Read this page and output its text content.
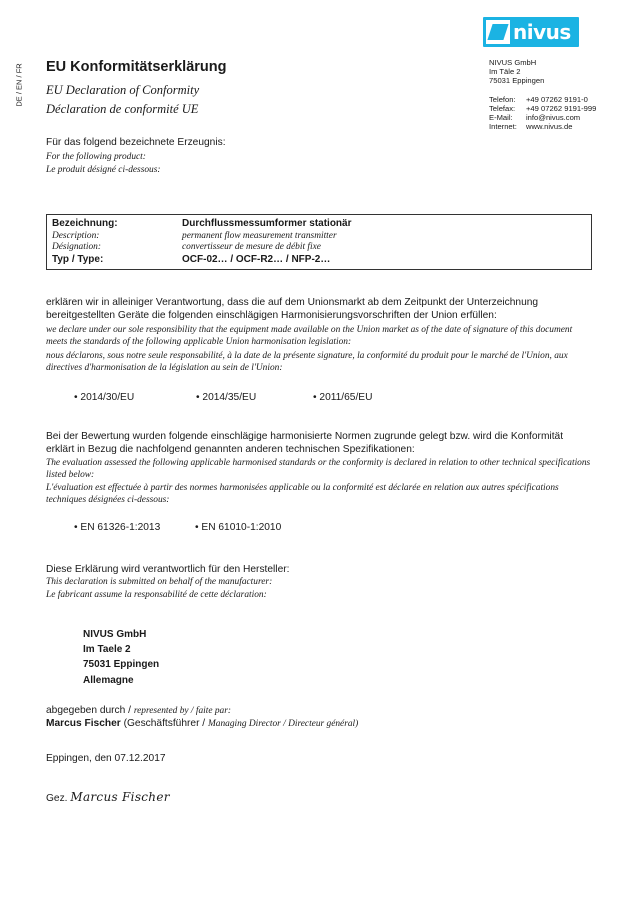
DE / EN / FR
nivus
EU Konformitätserklärung
EU Declaration of Conformity
Déclaration de conformité UE
NIVUS GmbH
Im Täle 2
75031 Eppingen
Telefon:	+49 07262 9191-0
Telefax:	+49 07262 9191-999
E-Mail:	info@nivus.com
Internet:	www.nivus.de
Für das folgend bezeichnete Erzeugnis:
For the following product:
Le produit désigné ci-dessous:
Bezeichnung:	Durchflussmessumformer stationär
Description:	permanent flow measurement transmitter
Désignation:	convertisseur de mesure de débit fixe
Typ / Type:	OCF-02… / OCF-R2… / NFP-2…
erklären wir in alleiniger Verantwortung, dass die auf dem Unionsmarkt ab dem Zeitpunkt der Unterzeichnung bereitgestellten Geräte die folgenden einschlägigen Harmonisierungsvorschriften der Union erfüllen:
we declare under our sole responsibility that the equipment made available on the Union market as of the date of signature of this document meets the standards of the following applicable Union harmonisation legislation:
nous déclarons, sous notre seule responsabilité, à la date de la présente signature, la conformité du produit pour le marché de l'Union, aux directives d'harmonisation de la législation au sein de l'Union:
• 2014/30/EU	• 2014/35/EU	• 2011/65/EU
Bei der Bewertung wurden folgende einschlägige harmonisierte Normen zugrunde gelegt bzw. wird die Konformität erklärt in Bezug die nachfolgend genannten anderen technischen Spezifikationen:
The evaluation assessed the following applicable harmonised standards or the conformity is declared in relation to other technical specifications listed below:
L'évaluation est effectuée à partir des normes harmonisées applicable ou la conformité est déclarée en relation aux autres spécifications techniques désignées ci-dessous:
• EN 61326-1:2013	• EN 61010-1:2010
Diese Erklärung wird verantwortlich für den Hersteller:
This declaration is submitted on behalf of the manufacturer:
Le fabricant assume la responsabilité de cette déclaration:
NIVUS GmbH
Im Taele 2
75031 Eppingen
Allemagne
abgegeben durch / represented by / faite par:
Marcus Fischer (Geschäftsführer / Managing Director / Directeur général)
Eppingen, den 07.12.2017
Gez. Marcus Fischer
